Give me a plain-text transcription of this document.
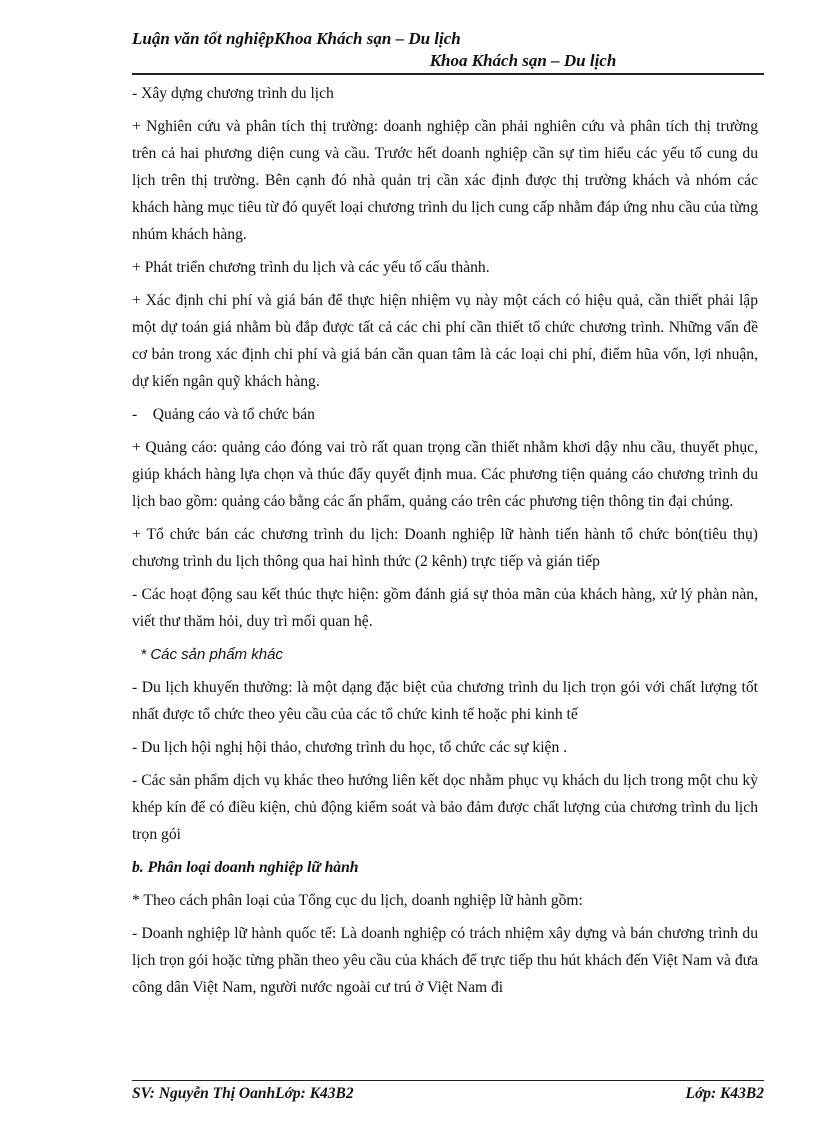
Luận văn tốt nghiệpKhoa Khách sạn – Du lịch
Khoa Khách sạn – Du lịch

- Xây dựng chương trình du lịch

+ Nghiên cứu và phân tích thị trường: doanh nghiệp cần phải nghiên cứu và phân tích thị trường trên cả hai phương diện cung và cầu. Trước hết doanh nghiệp cần sự tìm hiểu các yếu tố cung du lịch trên thị trường. Bên cạnh đó nhà quản trị cần xác định được thị trường khách và nhóm các khách hàng mục tiêu từ đó quyết loại chương trình du lịch cung cấp nhằm đáp ứng nhu cầu của từng nhúm khách hàng.

+ Phát triển chương trình du lịch và các yếu tố cấu thành.

+ Xác định chi phí và giá bán để thực hiện nhiệm vụ này một cách có hiệu quả, cần thiết phải lập một dự toán giá nhằm bù đắp được tất cả các chi phí cần thiết tổ chức chương trình. Những vấn đề cơ bản trong xác định chi phí và giá bán cần quan tâm là các loại chi phí, điểm hũa vốn, lợi nhuận, dự kiến ngân quỹ khách hàng.

-    Quảng cáo và tổ chức bán

+ Quảng cáo: quảng cáo đóng vai trò rất quan trọng cần thiết nhằm khơi dậy nhu cầu, thuyết phục, giúp khách hàng lựa chọn và thúc đẩy quyết định mua. Các phương tiện quảng cáo chương trình du lịch bao gồm: quảng cáo bằng các ấn phẩm, quảng cáo trên các phương tiện thông tin đại chúng.

+ Tổ chức bán các chương trình du lịch: Doanh nghiệp lữ hành tiến hành tổ chức bỏn(tiêu thụ) chương trình du lịch thông qua hai hình thức (2 kênh) trực tiếp và gián tiếp

- Các hoạt động sau kết thúc thực hiện: gồm đánh giá sự thỏa mãn của khách hàng, xử lý phàn nàn, viết thư thăm hỏi, duy trì mối quan hệ.

* Các sản phẩm khác

- Du lịch khuyến thưởng: là một dạng đặc biệt của chương trình du lịch trọn gói với chất lượng tốt nhất được tổ chức theo yêu cầu của các tổ chức kinh tế hoặc phi kinh tế

- Du lịch hội nghị hội thảo, chương trình du học, tổ chức các sự kiện .

- Các sản phẩm dịch vụ khác theo hướng liên kết dọc nhằm phục vụ khách du lịch trong một chu kỳ khép kín để có điều kiện, chủ động kiểm soát và bảo đảm được chất lượng của chương trình du lịch trọn gói

b. Phân loại doanh nghiệp lữ hành

* Theo cách phân loại của Tổng cục du lịch, doanh nghiệp lữ hành gồm:

- Doanh nghiệp lữ hành quốc tế: Là doanh nghiệp có trách nhiệm xây dựng và bán chương trình du lịch trọn gói hoặc từng phần theo yêu cầu của khách để trực tiếp thu hút khách đến Việt Nam và đưa công dân Việt Nam, người nước ngoài cư trú ở Việt Nam đi

SV: Nguyễn Thị OanhLớp: K43B2	Lớp: K43B2
